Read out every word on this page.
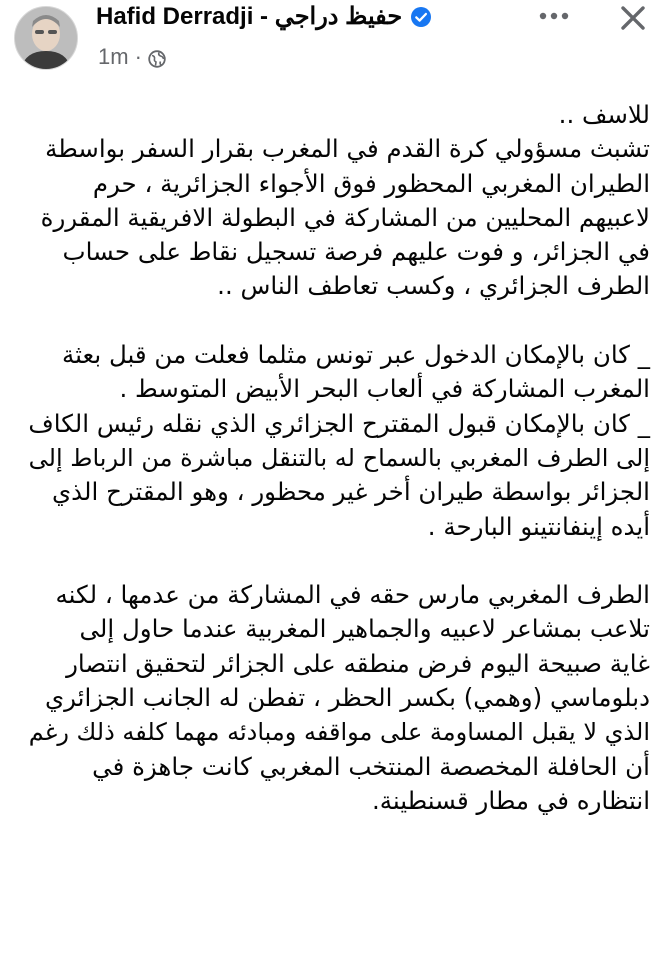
Hafid Derradji - حفيظ دراجي
1m ·
للاسف ..
تشبث مسؤولي كرة القدم في المغرب بقرار السفر بواسطة
الطيران المغربي المحظور فوق الأجواء الجزائرية ، حرم
لاعبيهم المحليين من المشاركة في البطولة الافريقية المقررة
في الجزائر، و فوت عليهم فرصة تسجيل نقاط على حساب
الطرف الجزائري ، وكسب تعاطف الناس ..
_ كان بالإمكان الدخول عبر تونس مثلما فعلت من قبل بعثة
المغرب المشاركة في ألعاب البحر الأبيض المتوسط .
_ كان بالإمكان قبول المقترح الجزائري الذي نقله رئيس الكاف
إلى الطرف المغربي بالسماح له بالتنقل مباشرة من الرباط إلى
الجزائر بواسطة طيران أخر غير محظور ، وهو المقترح الذي
أيده إينفانتينو البارحة .
الطرف المغربي مارس حقه في المشاركة من عدمها ، لكنه
تلاعب بمشاعر لاعبيه والجماهير المغربية عندما حاول إلى
غاية صبيحة اليوم فرض منطقه على الجزائر لتحقيق انتصار
دبلوماسي (وهمي) بكسر الحظر ، تفطن له الجانب الجزائري
الذي لا يقبل المساومة على مواقفه ومبادئه مهما كلفه ذلك رغم
أن الحافلة المخصصة المنتخب المغربي كانت جاهزة في
انتظاره في مطار قسنطينة.
